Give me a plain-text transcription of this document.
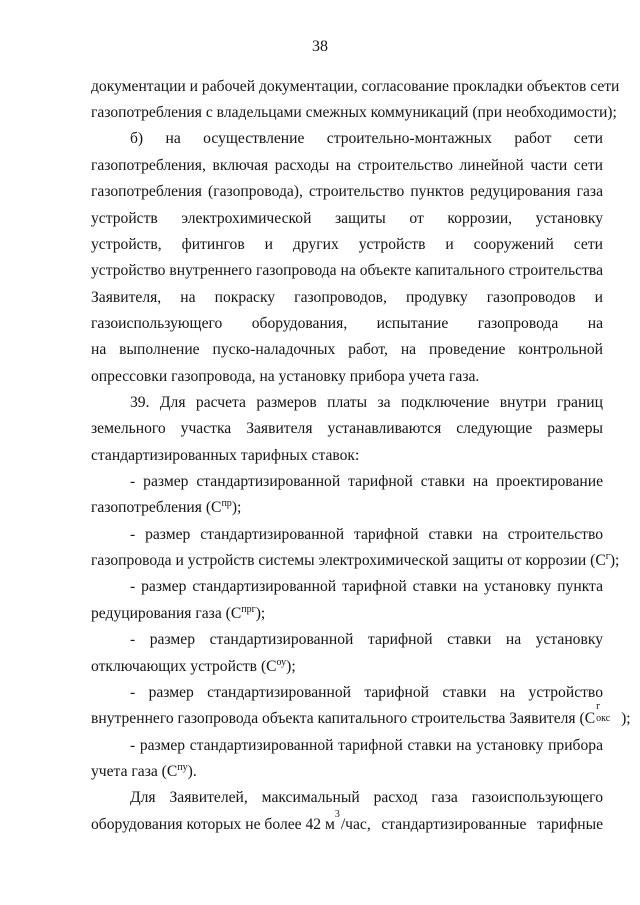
38
документации и рабочей документации, согласование прокладки объектов сети
газопотребления с владельцами смежных коммуникаций (при необходимости);
б) на осуществление строительно-монтажных работ сети
газопотребления, включая расходы на строительство линейной части сети
газопотребления (газопровода), строительство пунктов редуцирования газа
устройств электрохимической защиты от коррозии, установку
устройств, фитингов и других устройств и сооружений сети
устройство внутреннего газопровода на объекте капитального строительства
Заявителя, на покраску газопроводов, продувку газопроводов и
газоиспользующего оборудования, испытание газопровода на
на выполнение пуско-наладочных работ, на проведение контрольной
опрессовки газопровода, на установку прибора учета газа.
39. Для расчета размеров платы за подключение внутри границ
земельного участка Заявителя устанавливаются следующие размеры
стандартизированных тарифных ставок:
- размер стандартизированной тарифной ставки на проектирование
газопотребления $(С^{пр})$;
- размер стандартизированной тарифной ставки на строительство
газопровода и устройств системы электрохимической защиты от коррозии $(С^г)$;
- размер стандартизированной тарифной ставки на установку пункта
редуцирования газа $(С^{прг})$;
- размер стандартизированной тарифной ставки на установку
отключающих устройств $(С^{оу})$;
- размер стандартизированной тарифной ставки на устройство
внутреннего газопровода объекта капитального строительства Заявителя (С
г
окс );
- размер стандартизированной тарифной ставки на установку прибора
учета газа $(С^{пу})$.
Для Заявителей, максимальный расход газа газоиспользующего
оборудования которых не более 42 м
3
/час, стандартизированные тарифные
